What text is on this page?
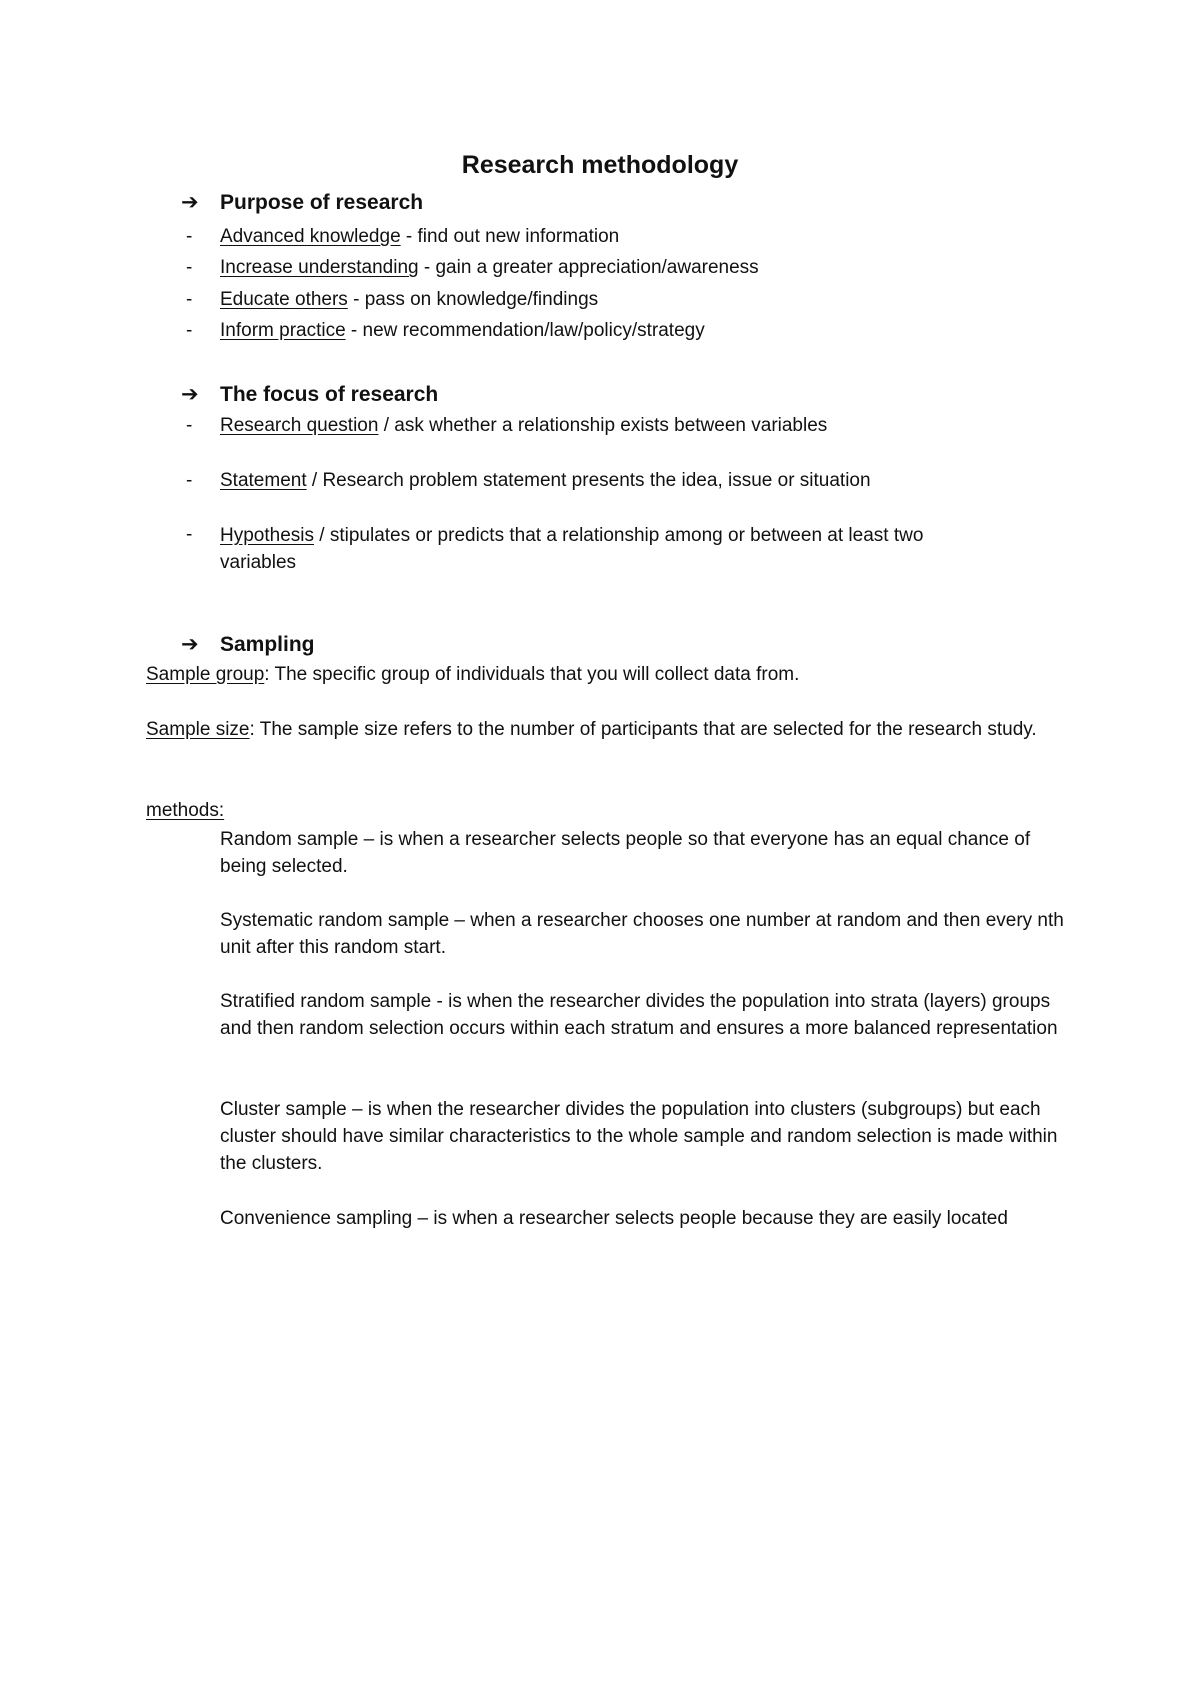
Research methodology
➔ Purpose of research
- Advanced knowledge - find out new information
- Increase understanding - gain a greater appreciation/awareness
- Educate others - pass on knowledge/findings
- Inform practice - new recommendation/law/policy/strategy
➔ The focus of research
- Research question / ask whether a relationship exists between variables
- Statement / Research problem statement presents the idea, issue or situation
- Hypothesis / stipulates or predicts that a relationship among or between at least two variables
➔ Sampling
Sample group: The specific group of individuals that you will collect data from.
Sample size: The sample size refers to the number of participants that are selected for the research study.
methods:
Random sample – is when a researcher selects people so that everyone has an equal chance of being selected.
Systematic random sample – when a researcher chooses one number at random and then every nth unit after this random start.
Stratified random sample - is when the researcher divides the population into strata (layers) groups and then random selection occurs within each stratum and ensures a more balanced representation
Cluster sample – is when the researcher divides the population into clusters (subgroups) but each cluster should have similar characteristics to the whole sample and random selection is made within the clusters.
Convenience sampling – is when a researcher selects people because they are easily located
